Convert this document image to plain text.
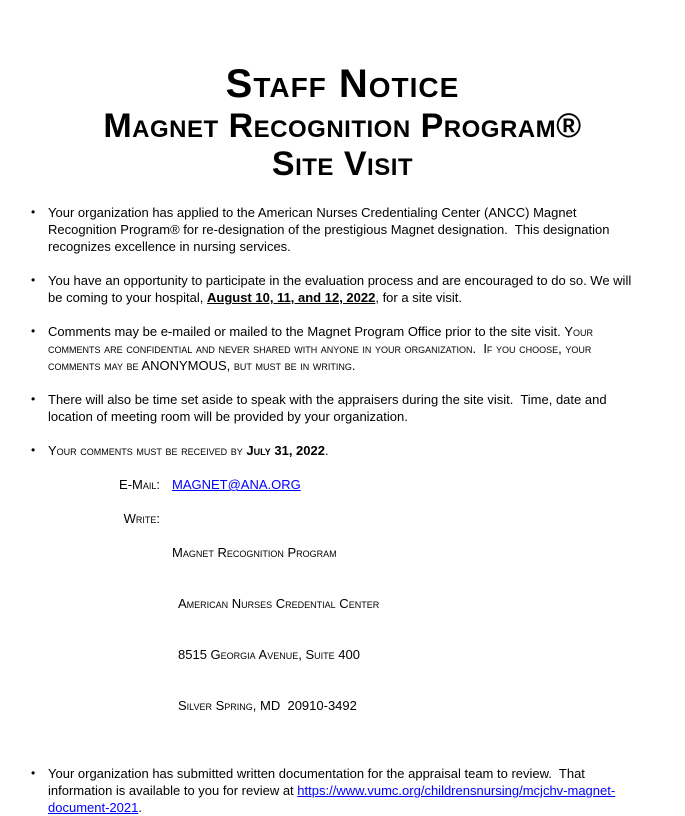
Staff Notice
Magnet Recognition Program®
Site Visit
• Your organization has applied to the American Nurses Credentialing Center (ANCC) Magnet Recognition Program® for re-designation of the prestigious Magnet designation.  This designation recognizes excellence in nursing services.
• You have an opportunity to participate in the evaluation process and are encouraged to do so. We will be coming to your hospital, August 10, 11, and 12, 2022, for a site visit.
• Comments may be e-mailed or mailed to the Magnet Program Office prior to the site visit. Your comments are confidential and never shared with anyone in your organization.  If you choose, your comments may be ANONYMOUS, but must be in writing.
• There will also be time set aside to speak with the appraisers during the site visit.  Time, date and location of meeting room will be provided by your organization.
• Your comments must be received by July 31, 2022.
E-Mail: MAGNET@ANA.ORG
Write:

Magnet Recognition Program

American Nurses Credential Center

8515 Georgia Avenue, Suite 400

Silver Spring, MD  20910-3492

• Your organization has submitted written documentation for the appraisal team to review.  That information is available to you for review at https://www.vumc.org/childrensnursing/mcjchv-magnet-document-2021.
